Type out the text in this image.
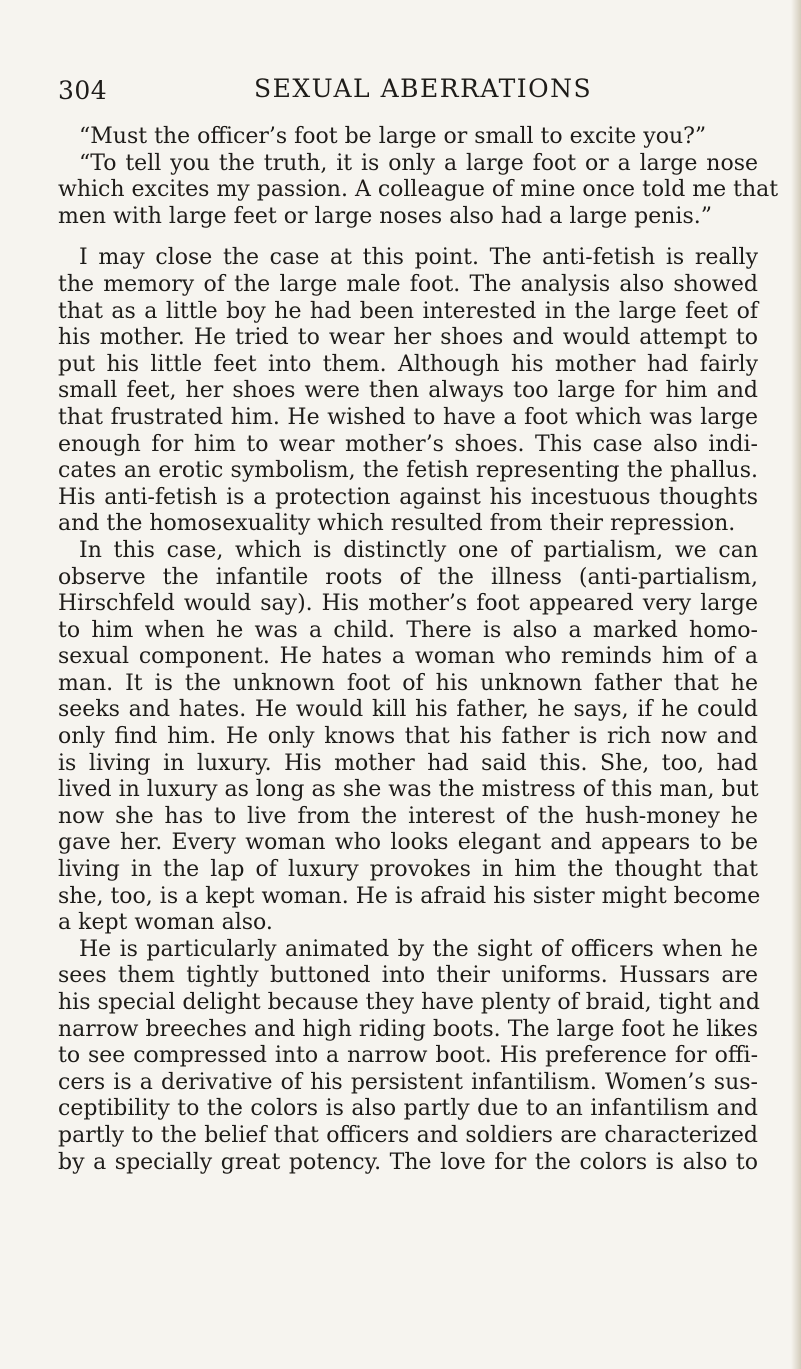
304	SEXUAL ABERRATIONS
“Must the officer’s foot be large or small to excite you?”
“To tell you the truth, it is only a large foot or a large nose
which excites my passion. A colleague of mine once told me that
men with large feet or large noses also had a large penis.”
I may close the case at this point. The anti-fetish is really
the memory of the large male foot. The analysis also showed
that as a little boy he had been interested in the large feet of
his mother. He tried to wear her shoes and would attempt to
put his little feet into them. Although his mother had fairly
small feet, her shoes were then always too large for him and
that frustrated him. He wished to have a foot which was large
enough for him to wear mother’s shoes. This case also indi-
cates an erotic symbolism, the fetish representing the phallus.
His anti-fetish is a protection against his incestuous thoughts
and the homosexuality which resulted from their repression.
In this case, which is distinctly one of partialism, we can
observe the infantile roots of the illness (anti-partialism,
Hirschfeld would say). His mother’s foot appeared very large
to him when he was a child. There is also a marked homo-
sexual component. He hates a woman who reminds him of a
man. It is the unknown foot of his unknown father that he
seeks and hates. He would kill his father, he says, if he could
only find him. He only knows that his father is rich now and
is living in luxury. His mother had said this. She, too, had
lived in luxury as long as she was the mistress of this man, but
now she has to live from the interest of the hush-money he
gave her. Every woman who looks elegant and appears to be
living in the lap of luxury provokes in him the thought that
she, too, is a kept woman. He is afraid his sister might become
a kept woman also.
He is particularly animated by the sight of officers when he
sees them tightly buttoned into their uniforms. Hussars are
his special delight because they have plenty of braid, tight and
narrow breeches and high riding boots. The large foot he likes
to see compressed into a narrow boot. His preference for offi-
cers is a derivative of his persistent infantilism. Women’s sus-
ceptibility to the colors is also partly due to an infantilism and
partly to the belief that officers and soldiers are characterized
by a specially great potency. The love for the colors is also to
